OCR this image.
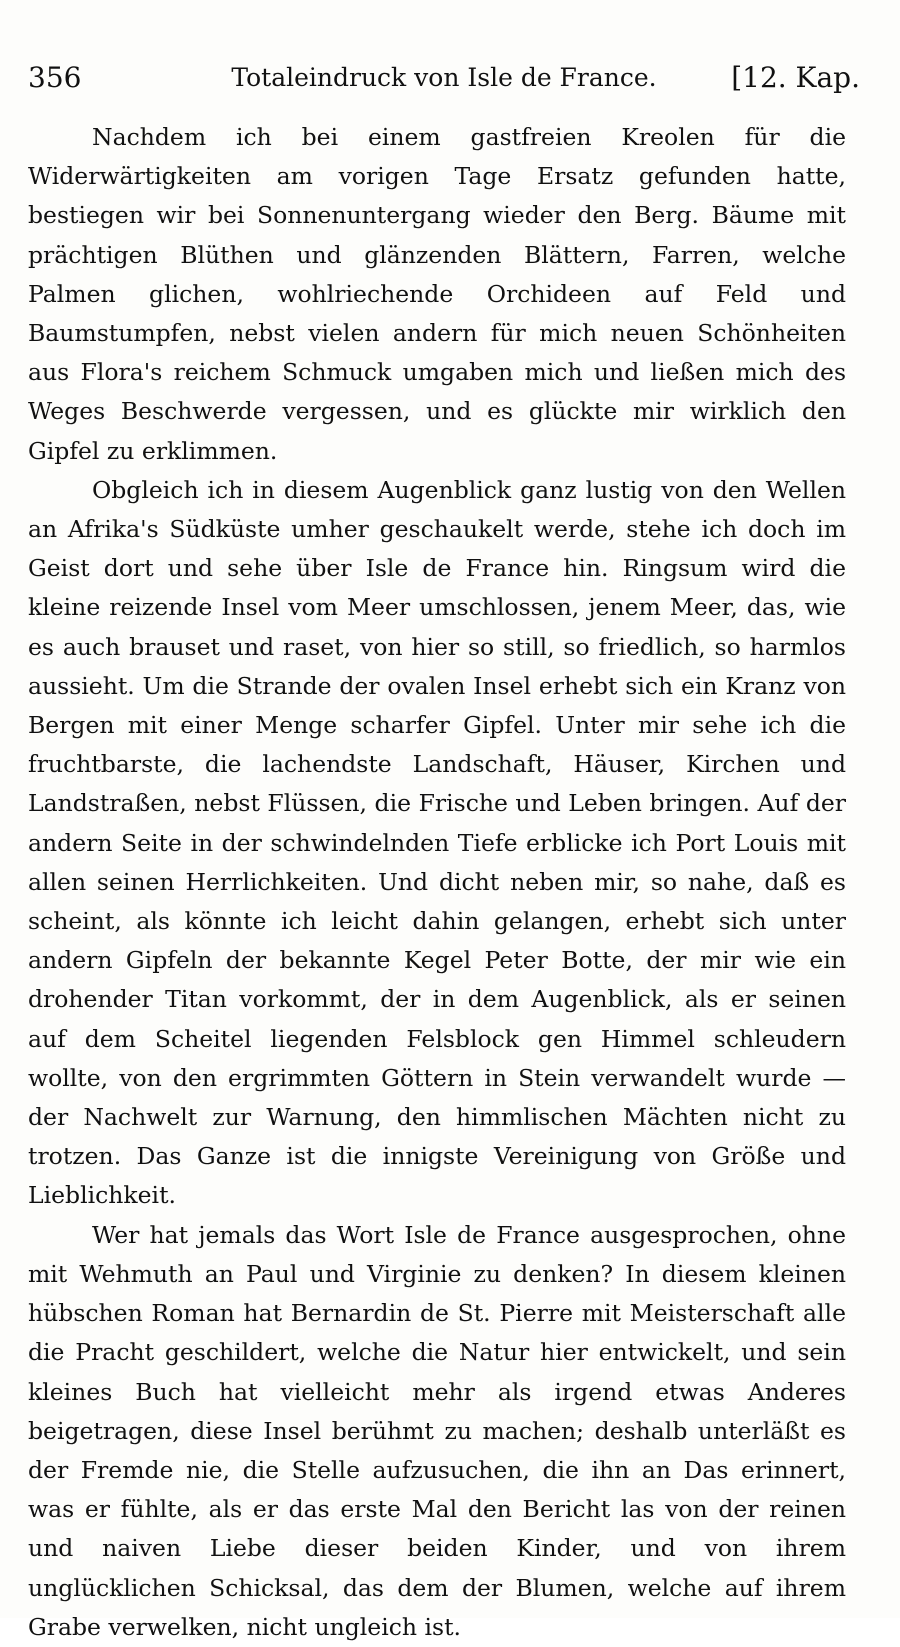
356	Totaleindruck von Isle de France.	[12. Kap.

Nachdem ich bei einem gastfreien Kreolen für die Widerwärtigkeiten am vorigen Tage Ersatz gefunden hatte, bestiegen wir bei Sonnenuntergang wieder den Berg. Bäume mit prächtigen Blüthen und glänzenden Blättern, Farren, welche Palmen glichen, wohlriechende Orchideen auf Feld und Baumstumpfen, nebst vielen andern für mich neuen Schönheiten aus Flora's reichem Schmuck umgaben mich und ließen mich des Weges Beschwerde vergessen, und es glückte mir wirklich den Gipfel zu erklimmen.

Obgleich ich in diesem Augenblick ganz lustig von den Wellen an Afrika's Südküste umher geschaukelt werde, stehe ich doch im Geist dort und sehe über Isle de France hin. Ringsum wird die kleine reizende Insel vom Meer umschlossen, jenem Meer, das, wie es auch brauset und raset, von hier so still, so friedlich, so harmlos aussieht. Um die Strande der ovalen Insel erhebt sich ein Kranz von Bergen mit einer Menge scharfer Gipfel. Unter mir sehe ich die fruchtbarste, die lachendste Landschaft, Häuser, Kirchen und Landstraßen, nebst Flüssen, die Frische und Leben bringen. Auf der andern Seite in der schwindelnden Tiefe erblicke ich Port Louis mit allen seinen Herrlichkeiten. Und dicht neben mir, so nahe, daß es scheint, als könnte ich leicht dahin gelangen, erhebt sich unter andern Gipfeln der bekannte Kegel Peter Botte, der mir wie ein drohender Titan vorkommt, der in dem Augenblick, als er seinen auf dem Scheitel liegenden Felsblock gen Himmel schleudern wollte, von den ergrimmten Göttern in Stein verwandelt wurde — der Nachwelt zur Warnung, den himmlischen Mächten nicht zu trotzen. Das Ganze ist die innigste Vereinigung von Größe und Lieblichkeit.

Wer hat jemals das Wort Isle de France ausgesprochen, ohne mit Wehmuth an Paul und Virginie zu denken? In diesem kleinen hübschen Roman hat Bernardin de St. Pierre mit Meisterschaft alle die Pracht geschildert, welche die Natur hier entwickelt, und sein kleines Buch hat vielleicht mehr als irgend etwas Anderes beigetragen, diese Insel berühmt zu machen; deshalb unterläßt es der Fremde nie, die Stelle aufzusuchen, die ihn an Das erinnert, was er fühlte, als er das erste Mal den Bericht las von der reinen und naiven Liebe dieser beiden Kinder, und von ihrem unglücklichen Schicksal, das dem der Blumen, welche auf ihrem Grabe verwelken, nicht ungleich ist.
